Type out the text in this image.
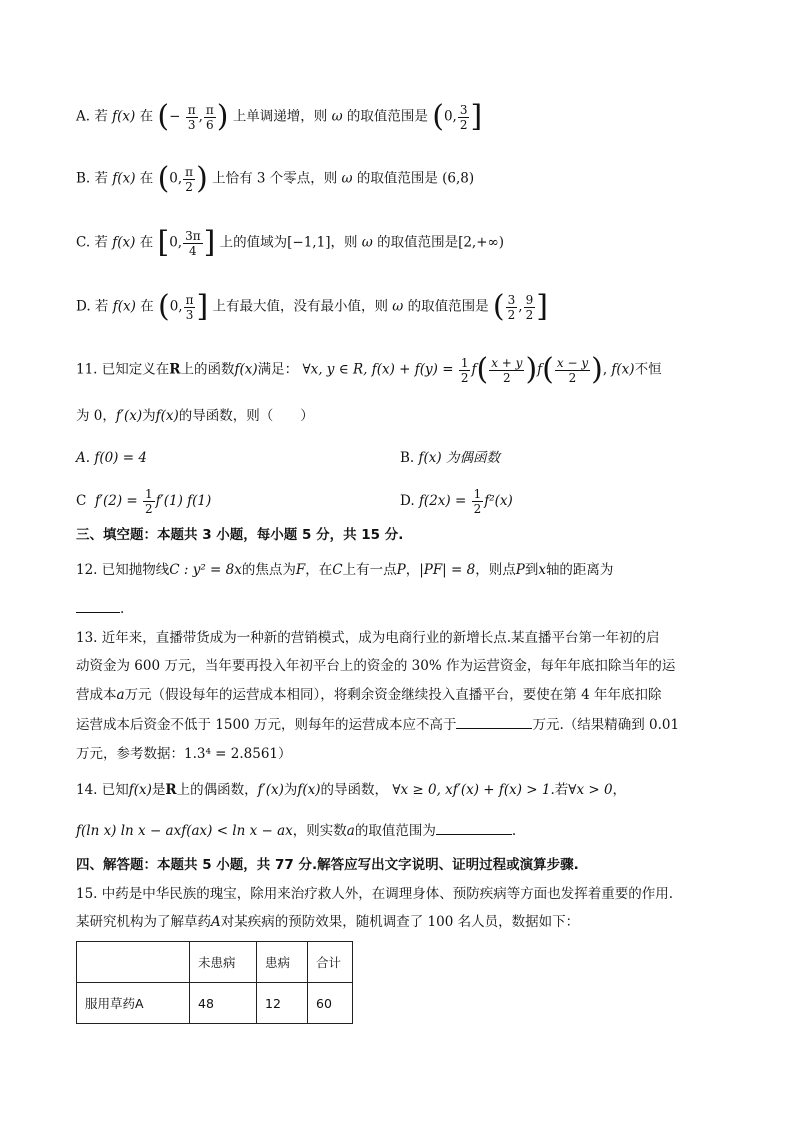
A. 若 f(x) 在 (− $\frac{\pi}{3}$ , $\frac{\pi}{6}$ ) 上单调递增，则 ω 的取值范围是 (0, $\frac{3}{2}$ ]
B. 若 f(x) 在 (0, $\frac{\pi}{2}$ ) 上恰有 3 个零点，则 ω 的取值范围是 (6,8)
C. 若 f(x) 在 [0, $\frac{3\pi}{4}$ ] 上的值域为[−1,1]，则 ω 的取值范围是[2,+∞)
D. 若 f(x) 在 (0, $\frac{\pi}{3}$ ] 上有最大值，没有最小值，则 ω 的取值范围是 ( $\frac{3}{2}$ , $\frac{9}{2}$ ]
11. 已知定义在R上的函数f(x)满足： ∀x, y ∈ R, $f(x) + f(y) = \frac{1}{2} f( \frac{x + y}{2} )f( \frac{x - y}{2}$ ), f(x)不恒
为 0，f′(x)为f(x)的导函数，则（　　）
A. f(0) = 4	B. f(x) 为偶函数
C $f'(2) = \frac{1}{2} f'(1)$ f(1)	D. $f(2x) = \frac{1}{2} f^2(x)$
三、填空题：本题共 3 小题，每小题 5 分，共 15 分.
12. 已知抛物线C : y² = 8x的焦点为F，在C上有一点P，|PF| = 8，则点P到x轴的距离为
.
13. 近年来，直播带货成为一种新的营销模式，成为电商行业的新增长点.某直播平台第一年初的启
动资金为 600 万元，当年要再投入年初平台上的资金的 30% 作为运营资金，每年年底扣除当年的运
营成本a万元（假设每年的运营成本相同），将剩余资金继续投入直播平台，要使在第 4 年年底扣除
运营成本后资金不低于 1500 万元，则每年的运营成本应不高于	万元.（结果精确到 0.01
万元，参考数据：1.3⁴ = 2.8561）
14. 已知f(x)是R上的偶函数，f′(x)为f(x)的导函数， ∀x ≥ 0, xf′(x) + f(x) > 1.若∀x > 0，
f(ln x) ln x − axf(ax) < ln x − ax，则实数a的取值范围为	.
四、解答题：本题共 5 小题，共 77 分.解答应写出文字说明、证明过程或演算步骤.
15. 中药是中华民族的瑰宝，除用来治疗救人外，在调理身体、预防疾病等方面也发挥着重要的作用.
某研究机构为了解草药A对某疾病的预防效果，随机调查了 100 名人员，数据如下：
	未患病	患病	合计
服用草药A	48	12	60
